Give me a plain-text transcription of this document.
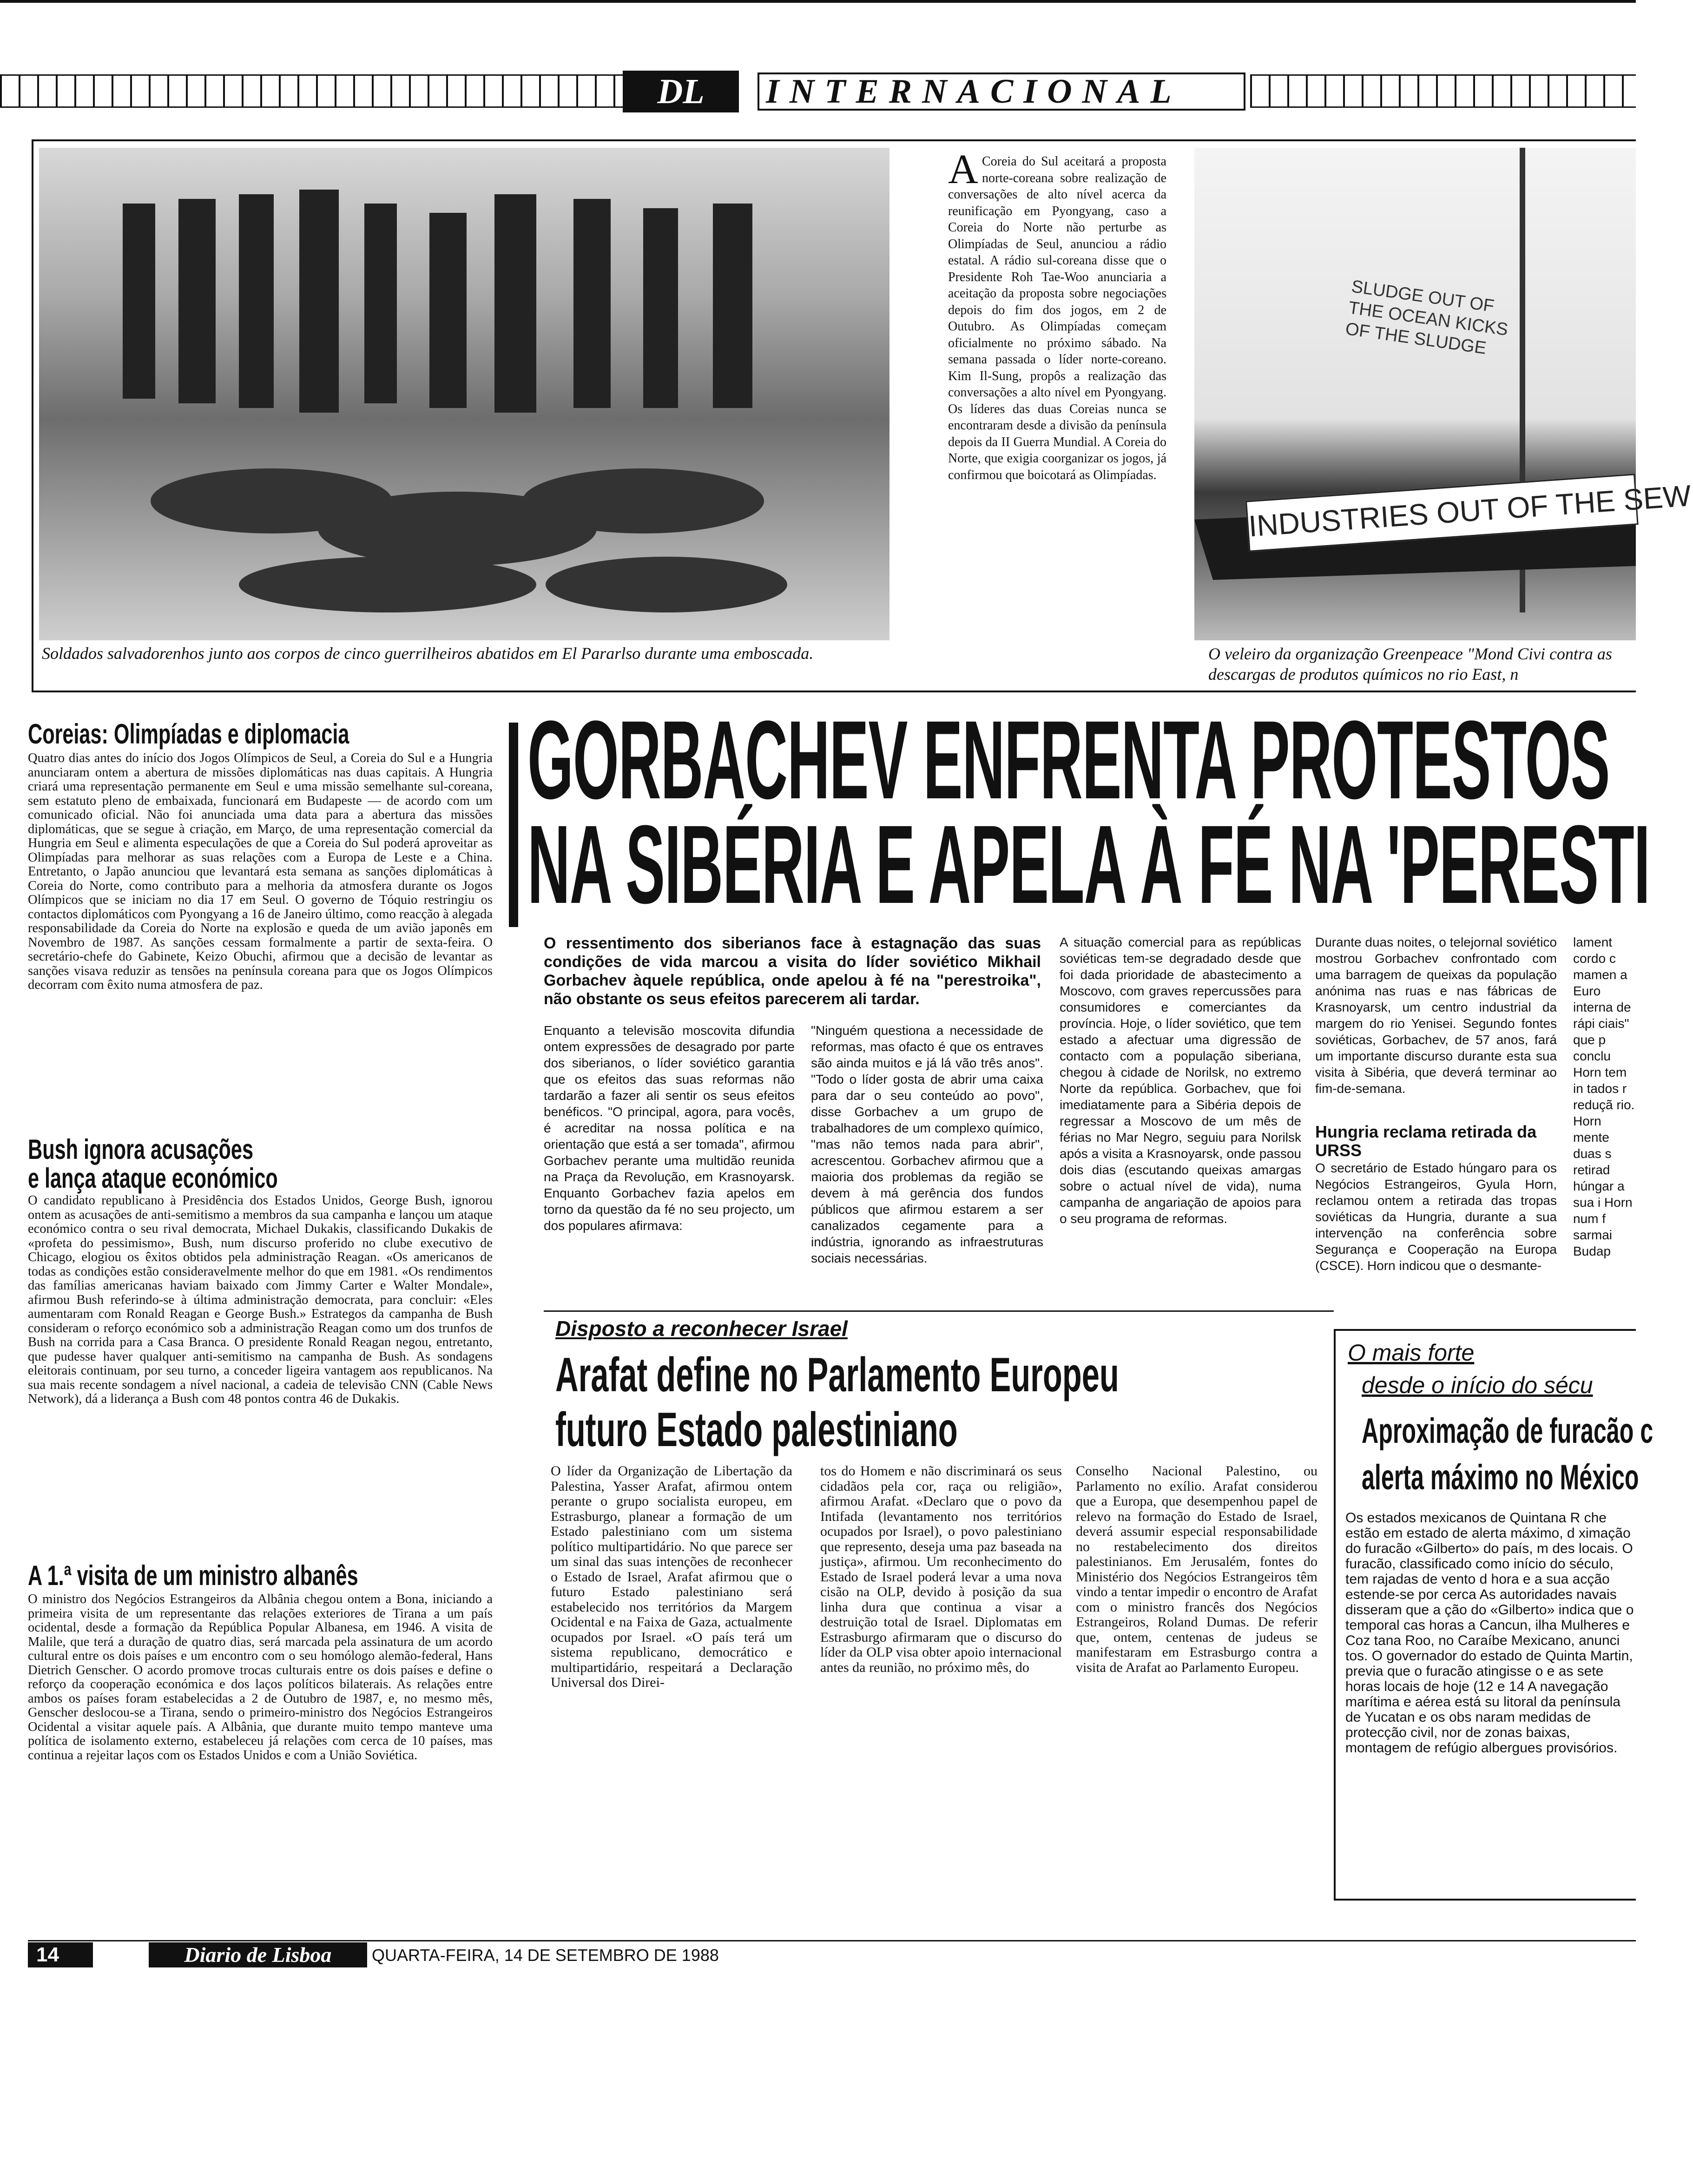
DL	INTERNACIONAL
Soldados salvadorenhos junto aos corpos de cinco guerrilheiros abatidos em El Pararlso durante uma emboscada.
A Coreia do Sul aceitará a proposta norte-coreana sobre realização de conversações de alto nível acerca da reunificação em Pyongyang, caso a Coreia do Norte não perturbe as Olimpíadas de Seul, anunciou a rádio estatal. A rádio sul-coreana disse que o Presidente Roh Tae-Woo anunciaria a aceitação da proposta sobre negociações depois do fim dos jogos, em 2 de Outubro. As Olimpíadas começam oficialmente no próximo sábado. Na semana passada o líder norte-coreano. Kim Il-Sung, propôs a realização das conversações a alto nível em Pyongyang. Os líderes das duas Coreias nunca se encontraram desde a divisão da península depois da II Guerra Mundial. A Coreia do Norte, que exigia coorganizar os jogos, já confirmou que boicotará as Olimpíadas.
SLUDGE OUT OF THE OCEAN KICKS OF THE SLUDGE
INDUSTRIES OUT OF THE SEW
O veleiro da organização Greenpeace "Mond Civi contra as descargas de produtos químicos no rio East, n
Coreias: Olimpíadas e diplomacia
Quatro dias antes do início dos Jogos Olímpicos de Seul, a Coreia do Sul e a Hungria anunciaram ontem a abertura de missões diplomáticas nas duas capitais. A Hungria criará uma representação permanente em Seul e uma missão semelhante sul-coreana, sem estatuto pleno de embaixada, funcionará em Budapeste — de acordo com um comunicado oficial. Não foi anunciada uma data para a abertura das missões diplomáticas, que se segue à criação, em Março, de uma representação comercial da Hungria em Seul e alimenta especulações de que a Coreia do Sul poderá aproveitar as Olimpíadas para melhorar as suas relações com a Europa de Leste e a China. Entretanto, o Japão anunciou que levantará esta semana as sanções diplomáticas à Coreia do Norte, como contributo para a melhoria da atmosfera durante os Jogos Olímpicos que se iniciam no dia 17 em Seul. O governo de Tóquio restringiu os contactos diplomáticos com Pyongyang a 16 de Janeiro último, como reacção à alegada responsabilidade da Coreia do Norte na explosão e queda de um avião japonês em Novembro de 1987. As sanções cessam formalmente a partir de sexta-feira. O secretário-chefe do Gabinete, Keizo Obuchi, afirmou que a decisão de levantar as sanções visava reduzir as tensões na península coreana para que os Jogos Olímpicos decorram com êxito numa atmosfera de paz.
Bush ignora acusações
e lança ataque económico
O candidato republicano à Presidência dos Estados Unidos, George Bush, ignorou ontem as acusações de anti-semitismo a membros da sua campanha e lançou um ataque económico contra o seu rival democrata, Michael Dukakis, classificando Dukakis de «profeta do pessimismo», Bush, num discurso proferido no clube executivo de Chicago, elogiou os êxitos obtidos pela administração Reagan. «Os americanos de todas as condições estão consideravelmente melhor do que em 1981. «Os rendimentos das famílias americanas haviam baixado com Jimmy Carter e Walter Mondale», afirmou Bush referindo-se à última administração democrata, para concluir: «Eles aumentaram com Ronald Reagan e George Bush.» Estrategos da campanha de Bush consideram o reforço económico sob a administração Reagan como um dos trunfos de Bush na corrida para a Casa Branca. O presidente Ronald Reagan negou, entretanto, que pudesse haver qualquer anti-semitismo na campanha de Bush. As sondagens eleitorais continuam, por seu turno, a conceder ligeira vantagem aos republicanos. Na sua mais recente sondagem a nível nacional, a cadeia de televisão CNN (Cable News Network), dá a liderança a Bush com 48 pontos contra 46 de Dukakis.
A 1.ª visita de um ministro albanês
O ministro dos Negócios Estrangeiros da Albânia chegou ontem a Bona, iniciando a primeira visita de um representante das relações exteriores de Tirana a um país ocidental, desde a formação da República Popular Albanesa, em 1946. A visita de Malile, que terá a duração de quatro dias, será marcada pela assinatura de um acordo cultural entre os dois países e um encontro com o seu homólogo alemão-federal, Hans Dietrich Genscher. O acordo promove trocas culturais entre os dois países e define o reforço da cooperação económica e dos laços políticos bilaterais. As relações entre ambos os países foram estabelecidas a 2 de Outubro de 1987, e, no mesmo mês, Genscher deslocou-se a Tirana, sendo o primeiro-ministro dos Negócios Estrangeiros Ocidental a visitar aquele país. A Albânia, que durante muito tempo manteve uma política de isolamento externo, estabeleceu já relações com cerca de 10 países, mas continua a rejeitar laços com os Estados Unidos e com a União Soviética.
GORBACHEV ENFRENTA PROTESTOS
NA SIBÉRIA E APELA À FÉ NA 'PERESTI
O ressentimento dos siberianos face à estagnação das suas condições de vida marcou a visita do líder soviético Mikhail Gorbachev àquele república, onde apelou à fé na "perestroika", não obstante os seus efeitos parecerem ali tardar.
Enquanto a televisão moscovita difundia ontem expressões de desagrado por parte dos siberianos, o líder soviético garantia que os efeitos das suas reformas não tardarão a fazer ali sentir os seus efeitos benéficos. "O principal, agora, para vocês, é acreditar na nossa política e na orientação que está a ser tomada", afirmou Gorbachev perante uma multidão reunida na Praça da Revolução, em Krasnoyarsk. Enquanto Gorbachev fazia apelos em torno da questão da fé no seu projecto, um dos populares afirmava:
"Ninguém questiona a necessidade de reformas, mas ofacto é que os entraves são ainda muitos e já lá vão três anos". "Todo o líder gosta de abrir uma caixa para dar o seu conteúdo ao povo", disse Gorbachev a um grupo de trabalhadores de um complexo químico, "mas não temos nada para abrir", acrescentou. Gorbachev afirmou que a maioria dos problemas da região se devem à má gerência dos fundos públicos que afirmou estarem a ser canalizados cegamente para a indústria, ignorando as infraestruturas sociais necessárias.
A situação comercial para as repúblicas soviéticas tem-se degradado desde que foi dada prioridade de abastecimento a Moscovo, com graves repercussões para consumidores e comerciantes da província. Hoje, o líder soviético, que tem estado a afectuar uma digressão de contacto com a população siberiana, chegou à cidade de Norilsk, no extremo Norte da república. Gorbachev, que foi imediatamente para a Sibéria depois de regressar a Moscovo de um mês de férias no Mar Negro, seguiu para Norilsk após a visita a Krasnoyarsk, onde passou dois dias (escutando queixas amargas sobre o actual nível de vida), numa campanha de angariação de apoios para o seu programa de reformas.
Durante duas noites, o telejornal soviético mostrou Gorbachev confrontado com uma barragem de queixas da população anónima nas ruas e nas fábricas de Krasnoyarsk, um centro industrial da margem do rio Yenisei. Segundo fontes soviéticas, Gorbachev, de 57 anos, fará um importante discurso durante esta sua visita à Sibéria, que deverá terminar ao fim-de-semana.
Hungria reclama retirada da URSS
O secretário de Estado húngaro para os Negócios Estrangeiros, Gyula Horn, reclamou ontem a retirada das tropas soviéticas da Hungria, durante a sua intervenção na conferência sobre Segurança e Cooperação na Europa (CSCE). Horn indicou que o desmante-
lament cordo c mamen a Euro interna de rápi ciais" que p conclu Horn tem in tados r reduçã rio. Horn mente duas s retirad húngar a sua i Horn num f sarmai Budap
Disposto a reconhecer Israel
Arafat define no Parlamento Europeu
futuro Estado palestiniano
O líder da Organização de Libertação da Palestina, Yasser Arafat, afirmou ontem perante o grupo socialista europeu, em Estrasburgo, planear a formação de um Estado palestiniano com um sistema político multipartidário. No que parece ser um sinal das suas intenções de reconhecer o Estado de Israel, Arafat afirmou que o futuro Estado palestiniano será estabelecido nos territórios da Margem Ocidental e na Faixa de Gaza, actualmente ocupados por Israel. «O país terá um sistema republicano, democrático e multipartidário, respeitará a Declaração Universal dos Direi-
tos do Homem e não discriminará os seus cidadãos pela cor, raça ou religião», afirmou Arafat. «Declaro que o povo da Intifada (levantamento nos territórios ocupados por Israel), o povo palestiniano que represento, deseja uma paz baseada na justiça», afirmou. Um reconhecimento do Estado de Israel poderá levar a uma nova cisão na OLP, devido à posição da sua linha dura que continua a visar a destruição total de Israel. Diplomatas em Estrasburgo afirmaram que o discurso do líder da OLP visa obter apoio internacional antes da reunião, no próximo mês, do
Conselho Nacional Palestino, ou Parlamento no exílio. Arafat considerou que a Europa, que desempenhou papel de relevo na formação do Estado de Israel, deverá assumir especial responsabilidade no restabelecimento dos direitos palestinianos. Em Jerusalém, fontes do Ministério dos Negócios Estrangeiros têm vindo a tentar impedir o encontro de Arafat com o ministro francês dos Negócios Estrangeiros, Roland Dumas. De referir que, ontem, centenas de judeus se manifestaram em Estrasburgo contra a visita de Arafat ao Parlamento Europeu.
O mais forte
desde o início do sécu
Aproximação de furacão c
alerta máximo no México
Os estados mexicanos de Quintana R che estão em estado de alerta máximo, d ximação do furacão «Gilberto» do país, m des locais. O furacão, classificado como início do século, tem rajadas de vento d hora e a sua acção estende-se por cerca As autoridades navais disseram que a ção do «Gilberto» indica que o temporal cas horas a Cancun, ilha Mulheres e Coz tana Roo, no Caraíbe Mexicano, anunci tos. O governador do estado de Quinta Martin, previa que o furacão atingisse o e as sete horas locais de hoje (12 e 14 A navegação marítima e aérea está su litoral da península de Yucatan e os obs naram medidas de protecção civil, nor de zonas baixas, montagem de refúgio albergues provisórios.
14	Diario de Lisboa	QUARTA-FEIRA, 14 DE SETEMBRO DE 1988
